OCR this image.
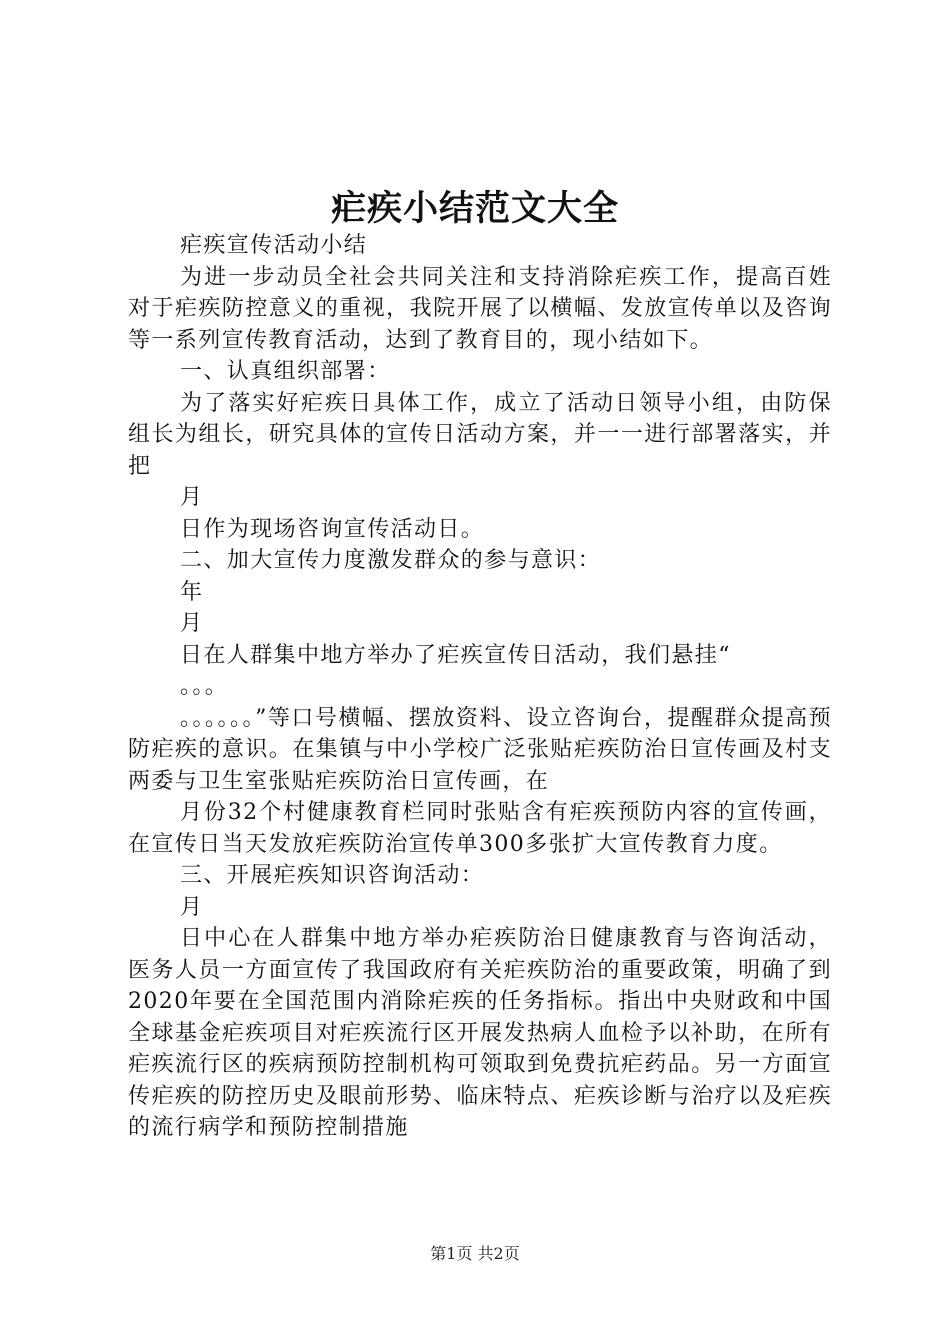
疟疾小结范文大全

疟疾宣传活动小结

为进一步动员全社会共同关注和支持消除疟疾工作，提高百姓对于疟疾防控意义的重视，我院开展了以横幅、发放宣传单以及咨询等一系列宣传教育活动，达到了教育目的，现小结如下。

一、认真组织部署：

为了落实好疟疾日具体工作，成立了活动日领导小组，由防保组长为组长，研究具体的宣传日活动方案，并一一进行部署落实，并把

月

日作为现场咨询宣传活动日。

二、加大宣传力度激发群众的参与意识：

年

月

日在人群集中地方举办了疟疾宣传日活动，我们悬挂“

。。。

。。。。。。”等口号横幅、摆放资料、设立咨询台，提醒群众提高预防疟疾的意识。在集镇与中小学校广泛张贴疟疾防治日宣传画及村支两委与卫生室张贴疟疾防治日宣传画，在

月份32个村健康教育栏同时张贴含有疟疾预防内容的宣传画，在宣传日当天发放疟疾防治宣传单300多张扩大宣传教育力度。

三、开展疟疾知识咨询活动：

月

日中心在人群集中地方举办疟疾防治日健康教育与咨询活动，医务人员一方面宣传了我国政府有关疟疾防治的重要政策，明确了到2020年要在全国范围内消除疟疾的任务指标。指出中央财政和中国全球基金疟疾项目对疟疾流行区开展发热病人血检予以补助，在所有疟疾流行区的疾病预防控制机构可领取到免费抗疟药品。另一方面宣传疟疾的防控历史及眼前形势、临床特点、疟疾诊断与治疗以及疟疾的流行病学和预防控制措施

第1页 共2页
